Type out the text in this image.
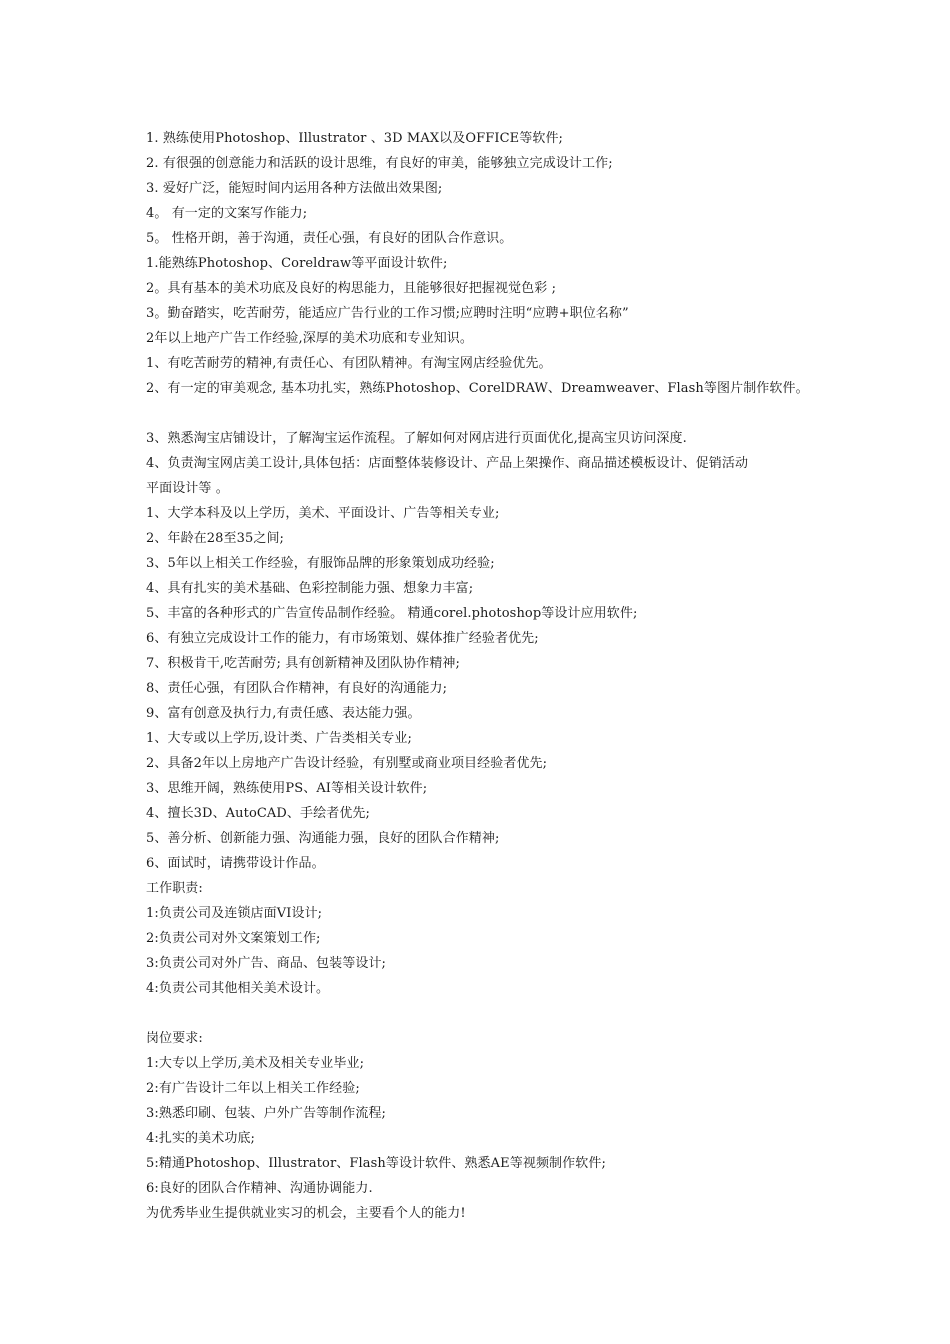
1. 熟练使用Photoshop、Illustrator 、3D MAX以及OFFICE等软件;
2. 有很强的创意能力和活跃的设计思维，有良好的审美，能够独立完成设计工作;
3. 爱好广泛，能短时间内运用各种方法做出效果图;
4。 有一定的文案写作能力;
5。 性格开朗，善于沟通，责任心强，有良好的团队合作意识。
1.能熟练Photoshop、Coreldraw等平面设计软件;
2。具有基本的美术功底及良好的构思能力，且能够很好把握视觉色彩 ;
3。勤奋踏实，吃苦耐劳，能适应广告行业的工作习惯;应聘时注明“应聘+职位名称”
2年以上地产广告工作经验,深厚的美术功底和专业知识。
1、有吃苦耐劳的精神,有责任心、有团队精神。有淘宝网店经验优先。
2、有一定的审美观念, 基本功扎实，熟练Photoshop、CorelDRAW、Dreamweaver、Flash等图片制作软件。
3、熟悉淘宝店铺设计，了解淘宝运作流程。了解如何对网店进行页面优化,提高宝贝访问深度.
4、负责淘宝网店美工设计,具体包括：店面整体装修设计、产品上架操作、商品描述模板设计、促销活动
平面设计等 。
1、大学本科及以上学历，美术、平面设计、广告等相关专业;
2、年龄在28至35之间;
3、5年以上相关工作经验，有服饰品牌的形象策划成功经验;
4、具有扎实的美术基础、色彩控制能力强、想象力丰富;
5、丰富的各种形式的广告宣传品制作经验。 精通corel.photoshop等设计应用软件;
6、有独立完成设计工作的能力，有市场策划、媒体推广经验者优先;
7、积极肯干,吃苦耐劳; 具有创新精神及团队协作精神;
8、责任心强，有团队合作精神，有良好的沟通能力;
9、富有创意及执行力,有责任感、表达能力强。
1、大专或以上学历,设计类、广告类相关专业;
2、具备2年以上房地产广告设计经验，有别墅或商业项目经验者优先;
3、思维开阔，熟练使用PS、AI等相关设计软件;
4、擅长3D、AutoCAD、手绘者优先;
5、善分析、创新能力强、沟通能力强，良好的团队合作精神;
6、面试时，请携带设计作品。
工作职责:
1:负责公司及连锁店面VI设计;
2:负责公司对外文案策划工作;
3:负责公司对外广告、商品、包装等设计;
4:负责公司其他相关美术设计。
岗位要求:
1:大专以上学历,美术及相关专业毕业;
2:有广告设计二年以上相关工作经验;
3:熟悉印刷、包装、户外广告等制作流程;
4:扎实的美术功底;
5:精通Photoshop、Illustrator、Flash等设计软件、熟悉AE等视频制作软件;
6:良好的团队合作精神、沟通协调能力.
为优秀毕业生提供就业实习的机会，主要看个人的能力!
